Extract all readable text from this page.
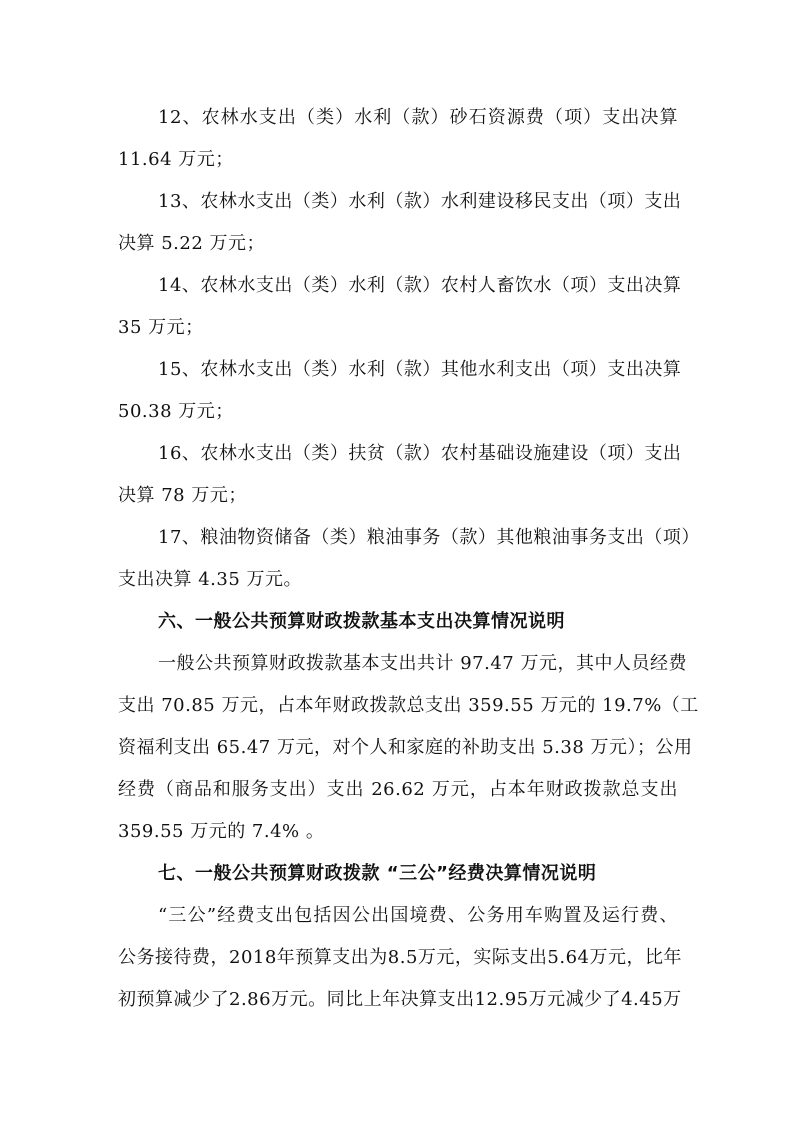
12、农林水支出（类）水利（款）砂石资源费（项）支出决算
11.64 万元；
13、农林水支出（类）水利（款）水利建设移民支出（项）支出
决算 5.22 万元；
14、农林水支出（类）水利（款）农村人畜饮水（项）支出决算
35 万元；
15、农林水支出（类）水利（款）其他水利支出（项）支出决算
50.38 万元；
16、农林水支出（类）扶贫（款）农村基础设施建设（项）支出
决算 78 万元；
17、粮油物资储备（类）粮油事务（款）其他粮油事务支出（项）
支出决算 4.35 万元。
六、一般公共预算财政拨款基本支出决算情况说明
一般公共预算财政拨款基本支出共计 97.47 万元，其中人员经费
支出 70.85 万元，占本年财政拨款总支出 359.55 万元的 19.7%（工
资福利支出 65.47 万元，对个人和家庭的补助支出 5.38 万元）；公用
经费（商品和服务支出）支出 26.62 万元，占本年财政拨款总支出
359.55 万元的 7.4% 。
七、一般公共预算财政拨款 “三公”经费决算情况说明
“三公”经费支出包括因公出国境费、公务用车购置及运行费、
公务接待费，2018年预算支出为8.5万元，实际支出5.64万元，比年
初预算减少了2.86万元。同比上年决算支出12.95万元减少了4.45万
